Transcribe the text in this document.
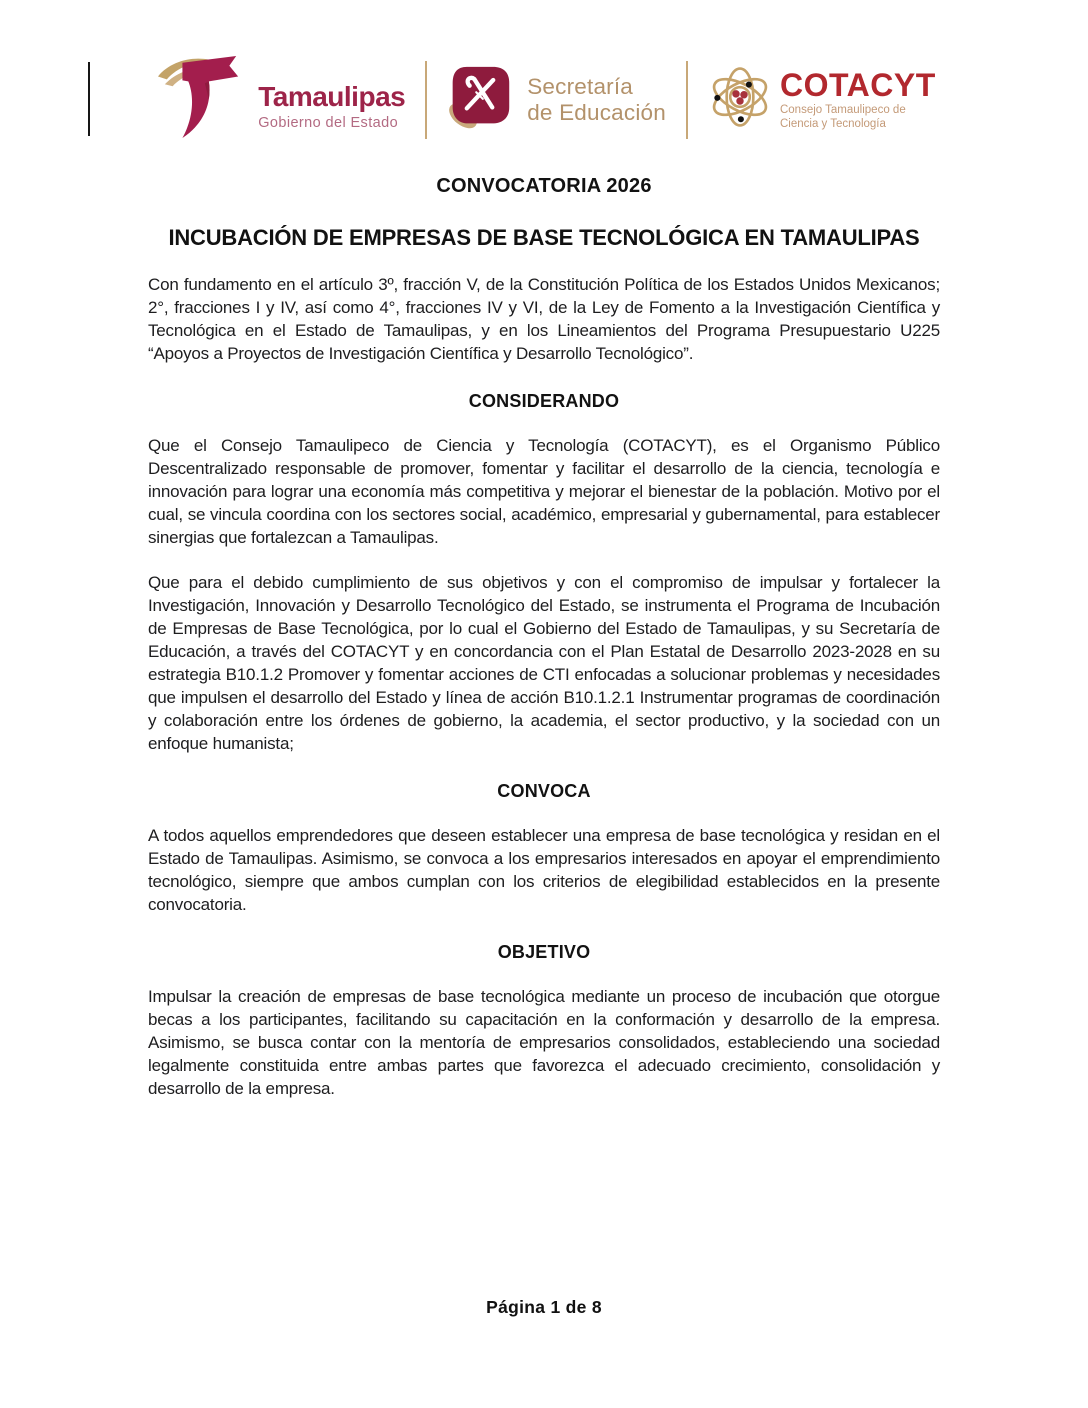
Tamaulipas
Gobierno del Estado
Secretaría
de Educación
COTACYT
Consejo Tamaulipeco de
Ciencia y Tecnología
CONVOCATORIA 2026
INCUBACIÓN DE EMPRESAS DE BASE TECNOLÓGICA EN TAMAULIPAS

Con fundamento en el artículo 3º, fracción V, de la Constitución Política de los Estados Unidos Mexicanos; 2°, fracciones I y IV, así como 4°, fracciones IV y VI, de la Ley de Fomento a la Investigación Científica y Tecnológica en el Estado de Tamaulipas, y en los Lineamientos del Programa Presupuestario U225 “Apoyos a Proyectos de Investigación Científica y Desarrollo Tecnológico”.

CONSIDERANDO

Que el Consejo Tamaulipeco de Ciencia y Tecnología (COTACYT), es el Organismo Público Descentralizado responsable de promover, fomentar y facilitar el desarrollo de la ciencia, tecnología e innovación para lograr una economía más competitiva y mejorar el bienestar de la población. Motivo por el cual, se vincula coordina con los sectores social, académico, empresarial y gubernamental, para establecer sinergias que fortalezcan a Tamaulipas.

Que para el debido cumplimiento de sus objetivos y con el compromiso de impulsar y fortalecer la Investigación, Innovación y Desarrollo Tecnológico del Estado, se instrumenta el Programa de Incubación de Empresas de Base Tecnológica, por lo cual el Gobierno del Estado de Tamaulipas, y su Secretaría de Educación, a través del COTACYT y en concordancia con el Plan Estatal de Desarrollo 2023-2028 en su estrategia B10.1.2 Promover y fomentar acciones de CTI enfocadas a solucionar problemas y necesidades que impulsen el desarrollo del Estado y línea de acción B10.1.2.1 Instrumentar programas de coordinación y colaboración entre los órdenes de gobierno, la academia, el sector productivo, y la sociedad con un enfoque humanista;

CONVOCA

A todos aquellos emprendedores que deseen establecer una empresa de base tecnológica y residan en el Estado de Tamaulipas. Asimismo, se convoca a los empresarios interesados en apoyar el emprendimiento tecnológico, siempre que ambos cumplan con los criterios de elegibilidad establecidos en la presente convocatoria.

OBJETIVO

Impulsar la creación de empresas de base tecnológica mediante un proceso de incubación que otorgue becas a los participantes, facilitando su capacitación en la conformación y desarrollo de la empresa. Asimismo, se busca contar con la mentoría de empresarios consolidados, estableciendo una sociedad legalmente constituida entre ambas partes que favorezca el adecuado crecimiento, consolidación y desarrollo de la empresa.

Página 1 de 8
